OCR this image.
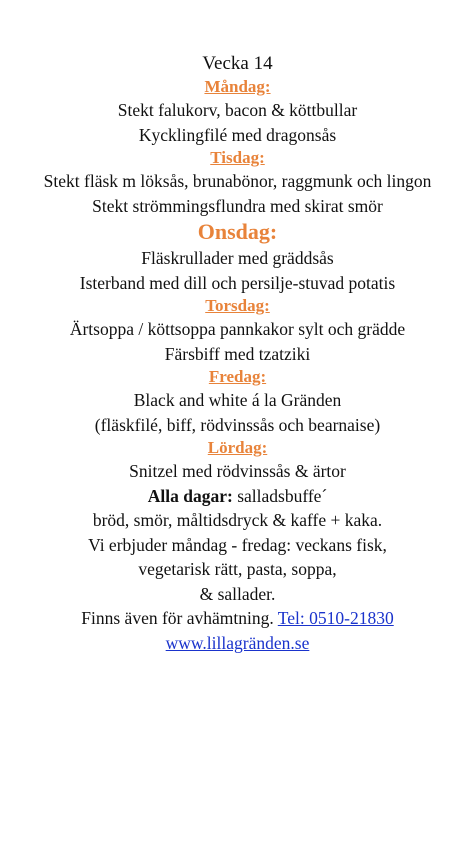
Vecka 14
Måndag:
Stekt falukorv, bacon & köttbullar
Kycklingfilé med dragonsås
Tisdag:
Stekt fläsk m löksås, brunabönor, raggmunk och lingon
Stekt strömmingsflundra med skirat smör
Onsdag:
Fläskrullader med gräddsås
Isterband med dill och persilje-stuvad potatis
Torsdag:
Ärtsoppa / köttsoppa pannkakor sylt och grädde
Färsbiff med tzatziki
Fredag:
Black and white á la Gränden
(fläskfilé, biff, rödvinssås och bearnaise)
Lördag:
Snitzel med rödvinssås & ärtor
Alla dagar: salladsbuffe´
bröd, smör, måltidsdryck & kaffe + kaka.
Vi erbjuder måndag - fredag: veckans fisk,
vegetarisk rätt, pasta, soppa,
& sallader.
Finns även för avhämtning. Tel: 0510-21830
www.lillagränden.se
